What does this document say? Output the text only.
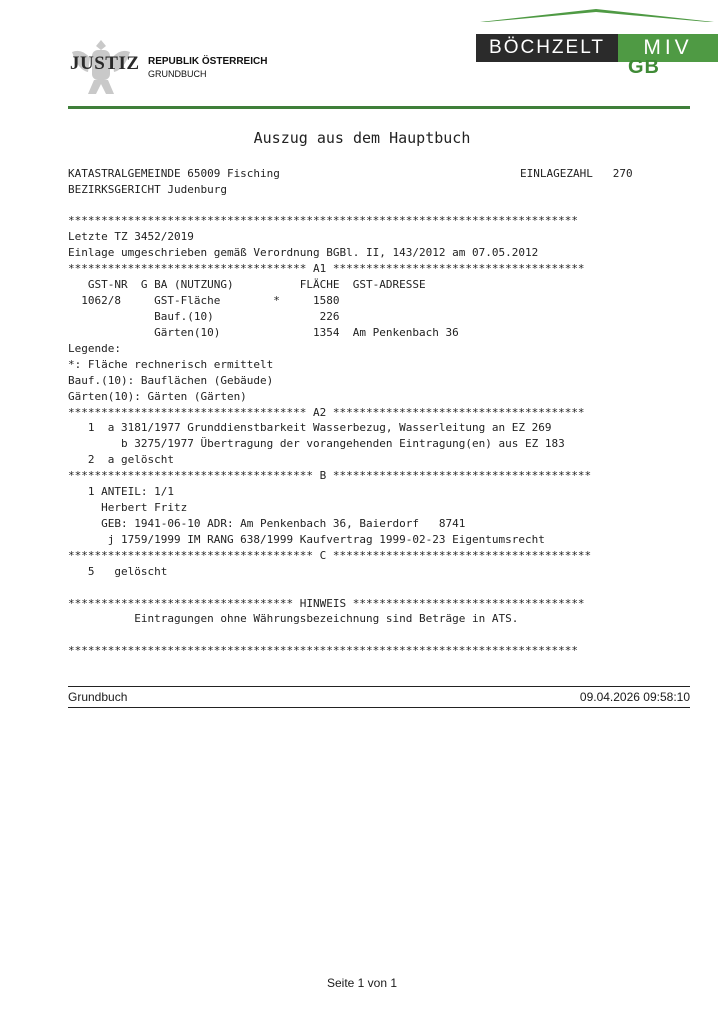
JUSTIZ REPUBLIK ÖSTERREICH
GRUNDBUCH
BÖCHZELT	MIV
GB
Auszug aus dem Hauptbuch
KATASTRALGEMEINDE 65009 Fisching	EINLAGEZAHL   270
BEZIRKSGERICHT Judenburg
*****************************************************************************
Letzte TZ 3452/2019
Einlage umgeschrieben gemäß Verordnung BGBl. II, 143/2012 am 07.05.2012
************************************ A1 **************************************
GST-NR  G BA (NUTZUNG)          FLÄCHE  GST-ADRESSE
1062/8     GST-Fläche        *     1580
Bauf.(10)                226
Gärten(10)              1354  Am Penkenbach 36
Legende:
*: Fläche rechnerisch ermittelt
Bauf.(10): Bauflächen (Gebäude)
Gärten(10): Gärten (Gärten)
************************************ A2 **************************************
1  a 3181/1977 Grunddienstbarkeit Wasserbezug, Wasserleitung an EZ 269
b 3275/1977 Übertragung der vorangehenden Eintragung(en) aus EZ 183
2  a gelöscht
************************************* B ***************************************
1 ANTEIL: 1/1
Herbert Fritz
GEB: 1941-06-10 ADR: Am Penkenbach 36, Baierdorf   8741
j 1759/1999 IM RANG 638/1999 Kaufvertrag 1999-02-23 Eigentumsrecht
************************************* C ***************************************
5   gelöscht
********************************** HINWEIS ***********************************
Eintragungen ohne Währungsbezeichnung sind Beträge in ATS.
*****************************************************************************
Grundbuch	09.04.2026 09:58:10
Seite 1 von 1
